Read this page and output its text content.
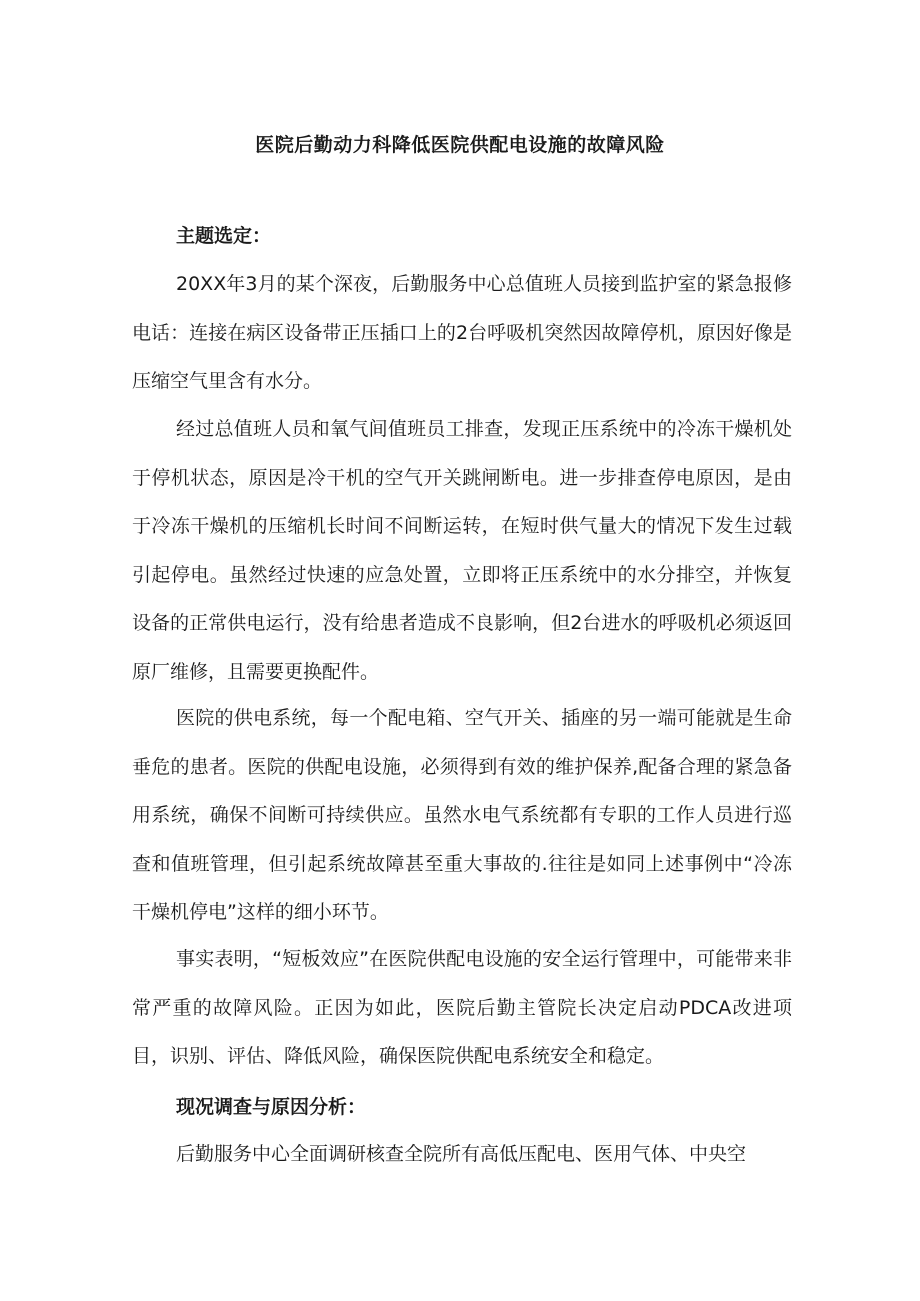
医院后勤动力科降低医院供配电设施的故障风险
主题选定：

20XX年3月的某个深夜，后勤服务中心总值班人员接到监护室的紧急报修电话：连接在病区设备带正压插口上的2台呼吸机突然因故障停机，原因好像是压缩空气里含有水分。

经过总值班人员和氧气间值班员工排查，发现正压系统中的冷冻干燥机处于停机状态，原因是冷干机的空气开关跳闸断电。进一步排查停电原因，是由于冷冻干燥机的压缩机长时间不间断运转，在短时供气量大的情况下发生过载引起停电。虽然经过快速的应急处置，立即将正压系统中的水分排空，并恢复设备的正常供电运行，没有给患者造成不良影响，但2台进水的呼吸机必须返回原厂维修，且需要更换配件。

医院的供电系统，每一个配电箱、空气开关、插座的另一端可能就是生命垂危的患者。医院的供配电设施，必须得到有效的维护保养,配备合理的紧急备用系统，确保不间断可持续供应。虽然水电气系统都有专职的工作人员进行巡查和值班管理，但引起系统故障甚至重大事故的.往往是如同上述事例中“冷冻干燥机停电”这样的细小环节。

事实表明，“短板效应”在医院供配电设施的安全运行管理中，可能带来非常严重的故障风险。正因为如此，医院后勤主管院长决定启动PDCA改进项目，识别、评估、降低风险，确保医院供配电系统安全和稳定。

现况调查与原因分析：

后勤服务中心全面调研核查全院所有高低压配电、医用气体、中央空
